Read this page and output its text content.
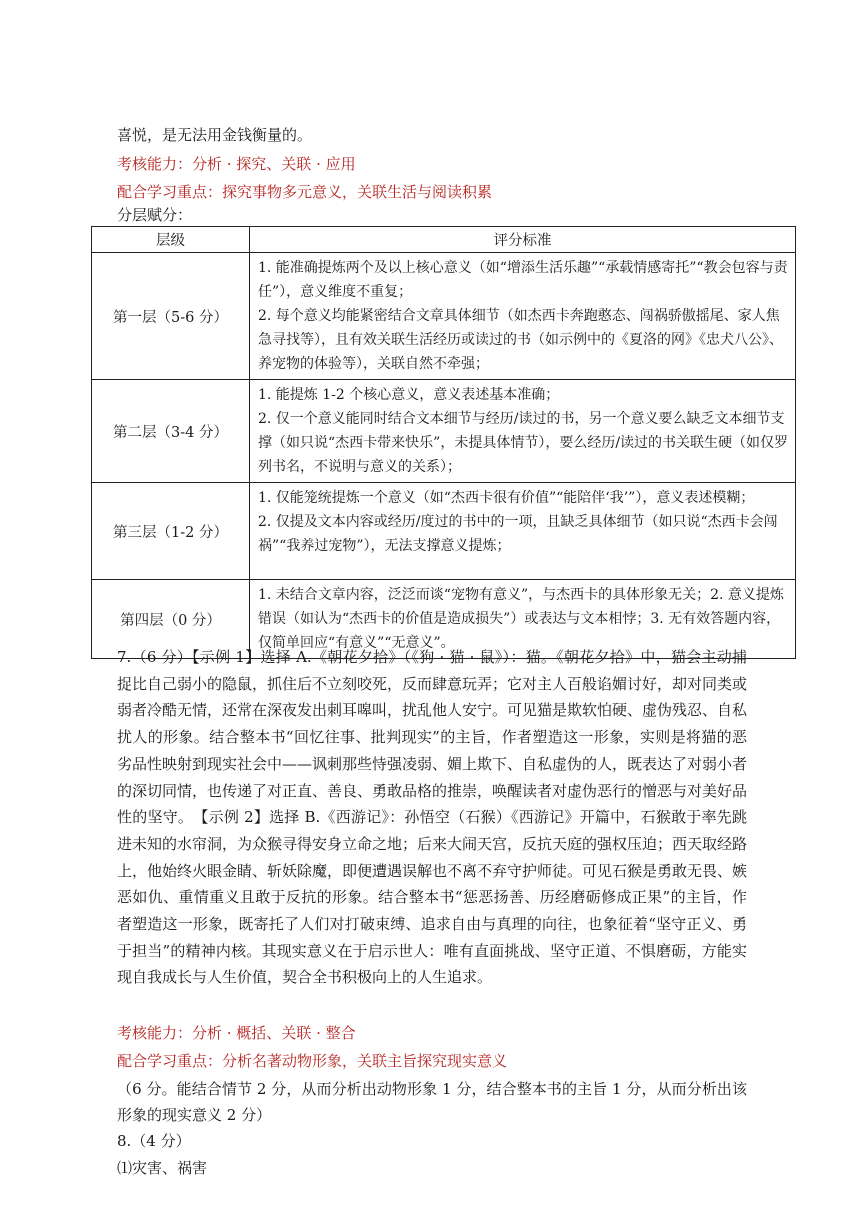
喜悦，是无法用金钱衡量的。
考核能力：分析 · 探究、关联 · 应用
配合学习重点：探究事物多元意义，关联生活与阅读积累
分层赋分：
层级	评分标准
第一层（5-6 分）	1. 能准确提炼两个及以上核心意义（如“增添生活乐趣”“承载情感寄托”“教会包容与责任”），意义维度不重复；

2. 每个意义均能紧密结合文章具体细节（如杰西卡奔跑憨态、闯祸骄傲摇尾、家人焦急寻找等），且有效关联生活经历或读过的书（如示例中的《夏洛的网》《忠犬八公》、养宠物的体验等），关联自然不牵强；

第二层（3-4 分）	1. 能提炼 1-2 个核心意义，意义表述基本准确；

2. 仅一个意义能同时结合文本细节与经历/读过的书，另一个意义要么缺乏文本细节支撑（如只说“杰西卡带来快乐”，未提具体情节），要么经历/读过的书关联生硬（如仅罗列书名，不说明与意义的关系）；

第三层（1-2 分）	1. 仅能笼统提炼一个意义（如“杰西卡很有价值”“能陪伴‘我’”），意义表述模糊；

2. 仅提及文本内容或经历/度过的书中的一项，且缺乏具体细节（如只说“杰西卡会闯祸”“我养过宠物”），无法支撑意义提炼；

第四层（0 分）	1. 未结合文章内容，泛泛而谈“宠物有意义”，与杰西卡的具体形象无关；2. 意义提炼错误（如认为“杰西卡的价值是造成损失”）或表达与文本相悖；3. 无有效答题内容，仅简单回应“有意义”“无意义”。

7.（6 分）【示例 1】选择 A.《朝花夕拾》（《狗 · 猫 · 鼠》）：猫。《朝花夕拾》中，猫会主动捕捉比自己弱小的隐鼠，抓住后不立刻咬死，反而肆意玩弄；它对主人百般谄媚讨好，却对同类或弱者冷酷无情，还常在深夜发出刺耳嗥叫，扰乱他人安宁。可见猫是欺软怕硬、虚伪残忍、自私扰人的形象。结合整本书“回忆往事、批判现实”的主旨，作者塑造这一形象，实则是将猫的恶劣品性映射到现实社会中——讽刺那些恃强凌弱、媚上欺下、自私虚伪的人，既表达了对弱小者的深切同情，也传递了对正直、善良、勇敢品格的推崇，唤醒读者对虚伪恶行的憎恶与对美好品性的坚守。　【示例 2】选择 B.《西游记》：孙悟空（石猴）《西游记》开篇中，石猴敢于率先跳进未知的水帘洞，为众猴寻得安身立命之地；后来大闹天宫，反抗天庭的强权压迫；西天取经路上，他始终火眼金睛、斩妖除魔，即便遭遇误解也不离不弃守护师徒。可见石猴是勇敢无畏、嫉恶如仇、重情重义且敢于反抗的形象。结合整本书“惩恶扬善、历经磨砺修成正果”的主旨，作者塑造这一形象，既寄托了人们对打破束缚、追求自由与真理的向往，也象征着“坚守正义、勇于担当”的精神内核。其现实意义在于启示世人：唯有直面挑战、坚守正道、不惧磨砺，方能实现自我成长与人生价值，契合全书积极向上的人生追求。

考核能力：分析 · 概括、关联 · 整合
配合学习重点：分析名著动物形象，关联主旨探究现实意义

（6 分。能结合情节 2 分，从而分析出动物形象 1 分，结合整本书的主旨 1 分，从而分析出该形象的现实意义 2 分）

8.（4 分）
⑴灾害、祸害
